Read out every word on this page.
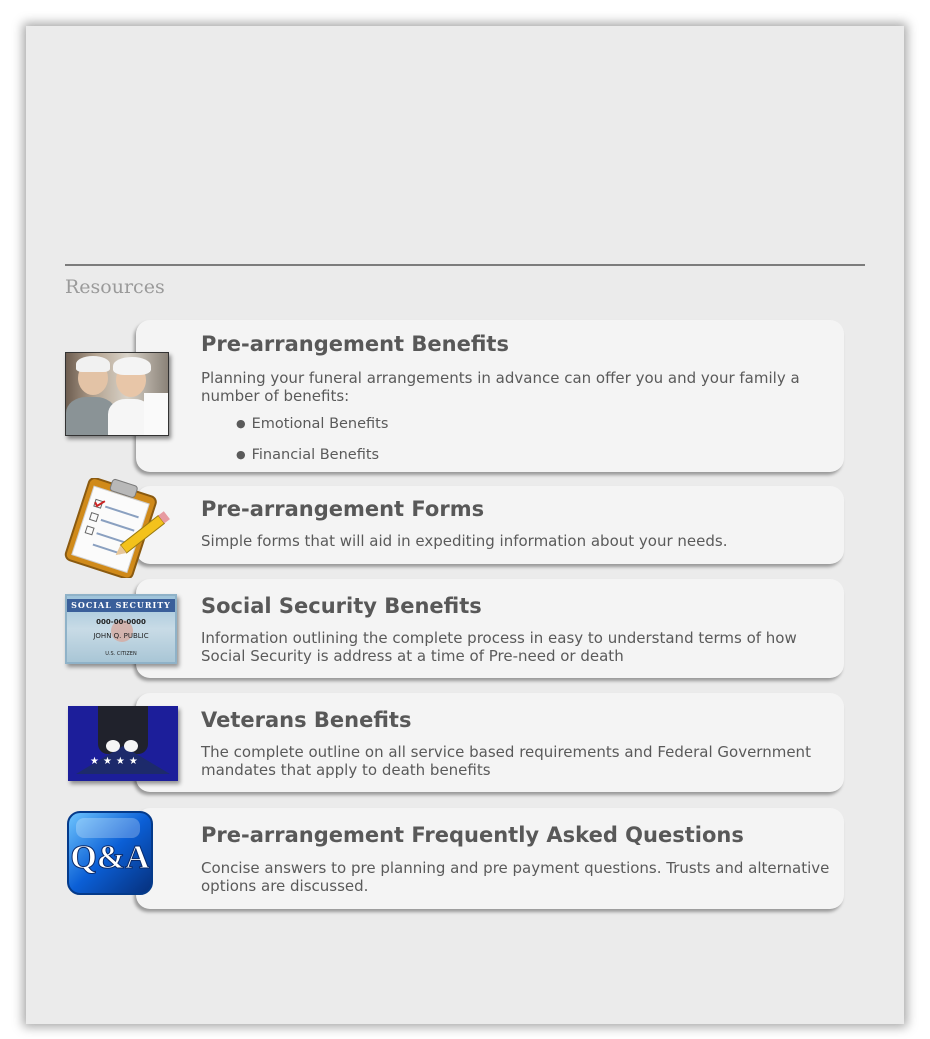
Resources
Pre-arrangement Benefits
Planning your funeral arrangements in advance can offer you and your family a number of benefits:
● Emotional Benefits
● Financial Benefits
Pre-arrangement Forms
Simple forms that will aid in expediting information about your needs.
Social Security Benefits
Information outlining the complete process in easy to understand terms of how Social Security is address at a time of Pre-need or death
Veterans Benefits
The complete outline on all service based requirements and Federal Government mandates that apply to death benefits
Pre-arrangement Frequently Asked Questions
Concise answers to pre planning and pre payment questions. Trusts and alternative options are discussed.
SOCIAL SECURITY
000-00-0000
JOHN Q. PUBLIC
U.S. CITIZEN
★★★★
Q&A
